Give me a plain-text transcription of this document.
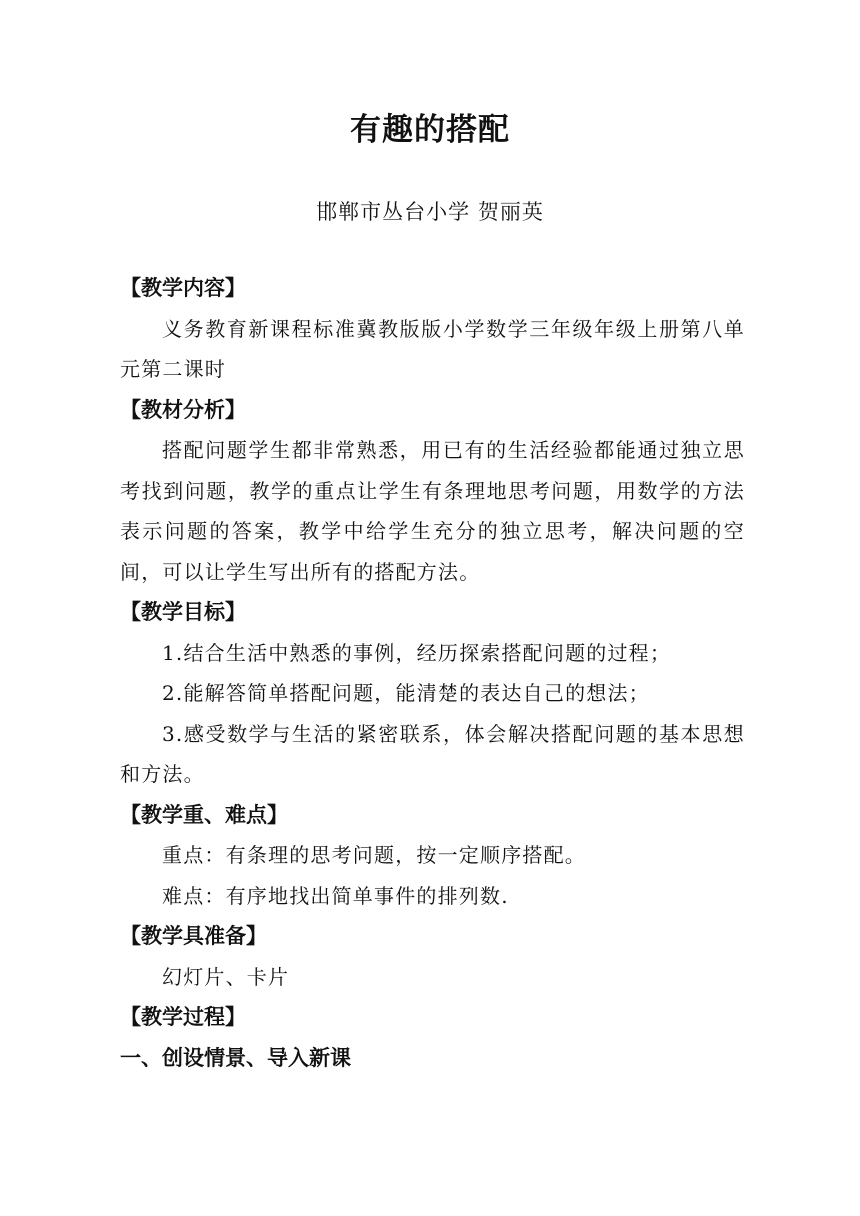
有趣的搭配
邯郸市丛台小学 贺丽英
【教学内容】

义务教育新课程标准冀教版版小学数学三年级年级上册第八单元第二课时

【教材分析】

搭配问题学生都非常熟悉，用已有的生活经验都能通过独立思考找到问题，教学的重点让学生有条理地思考问题，用数学的方法表示问题的答案，教学中给学生充分的独立思考，解决问题的空间，可以让学生写出所有的搭配方法。

【教学目标】

1.结合生活中熟悉的事例，经历探索搭配问题的过程；

2.能解答简单搭配问题，能清楚的表达自己的想法；

3.感受数学与生活的紧密联系，体会解决搭配问题的基本思想和方法。

【教学重、难点】

重点：有条理的思考问题，按一定顺序搭配。

难点：有序地找出简单事件的排列数.

【教学具准备】

幻灯片、卡片

【教学过程】
一、创设情景、导入新课
